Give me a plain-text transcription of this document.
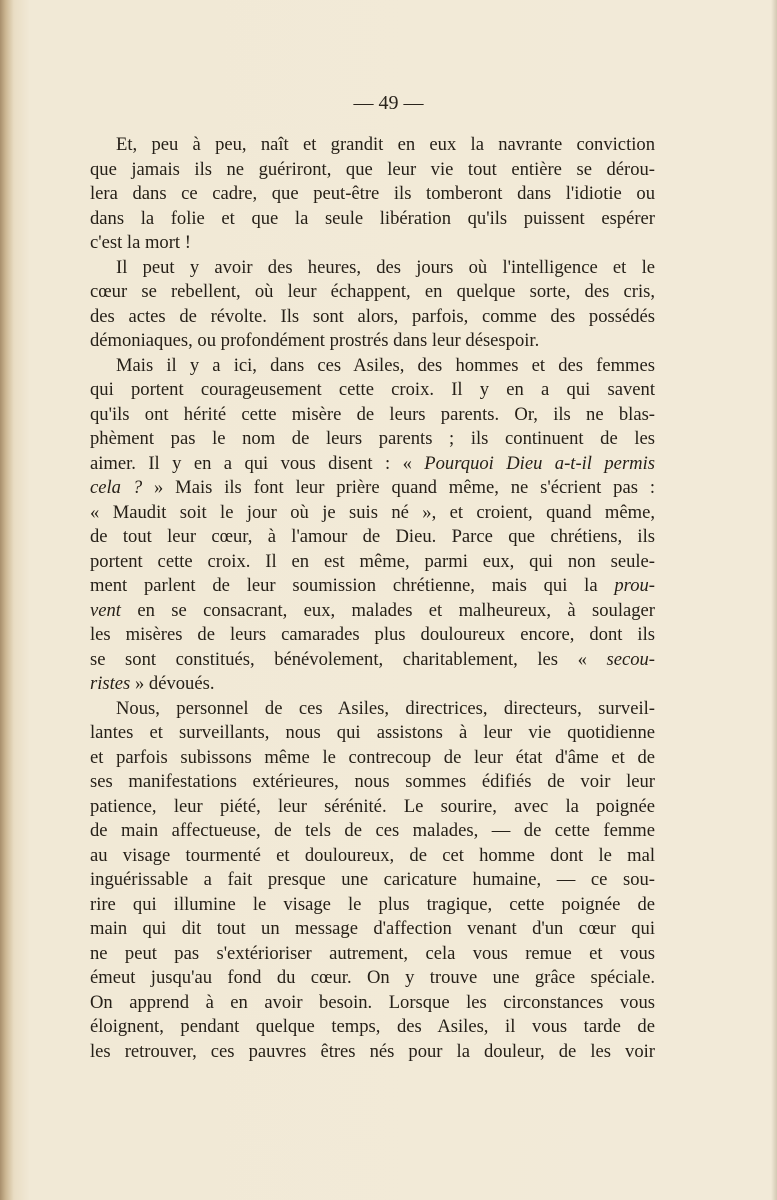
— 49 —
Et, peu à peu, naît et grandit en eux la navrante conviction
que jamais ils ne guériront, que leur vie tout entière se dérou-
lera dans ce cadre, que peut-être ils tomberont dans l'idiotie ou
dans la folie et que la seule libération qu'ils puissent espérer
c'est la mort !
Il peut y avoir des heures, des jours où l'intelligence et le
cœur se rebellent, où leur échappent, en quelque sorte, des cris,
des actes de révolte. Ils sont alors, parfois, comme des possédés
démoniaques, ou profondément prostrés dans leur désespoir.
Mais il y a ici, dans ces Asiles, des hommes et des femmes
qui portent courageusement cette croix. Il y en a qui savent
qu'ils ont hérité cette misère de leurs parents. Or, ils ne blas-
phèment pas le nom de leurs parents ; ils continuent de les
aimer. Il y en a qui vous disent : « Pourquoi Dieu a-t-il permis
cela ? » Mais ils font leur prière quand même, ne s'écrient pas :
« Maudit soit le jour où je suis né », et croient, quand même,
de tout leur cœur, à l'amour de Dieu. Parce que chrétiens, ils
portent cette croix. Il en est même, parmi eux, qui non seule-
ment parlent de leur soumission chrétienne, mais qui la prou-
vent en se consacrant, eux, malades et malheureux, à soulager
les misères de leurs camarades plus douloureux encore, dont ils
se sont constitués, bénévolement, charitablement, les « secou-
ristes » dévoués.
Nous, personnel de ces Asiles, directrices, directeurs, surveil-
lantes et surveillants, nous qui assistons à leur vie quotidienne
et parfois subissons même le contrecoup de leur état d'âme et de
ses manifestations extérieures, nous sommes édifiés de voir leur
patience, leur piété, leur sérénité. Le sourire, avec la poignée
de main affectueuse, de tels de ces malades, — de cette femme
au visage tourmenté et douloureux, de cet homme dont le mal
inguérissable a fait presque une caricature humaine, — ce sou-
rire qui illumine le visage le plus tragique, cette poignée de
main qui dit tout un message d'affection venant d'un cœur qui
ne peut pas s'extérioriser autrement, cela vous remue et vous
émeut jusqu'au fond du cœur. On y trouve une grâce spéciale.
On apprend à en avoir besoin. Lorsque les circonstances vous
éloignent, pendant quelque temps, des Asiles, il vous tarde de
les retrouver, ces pauvres êtres nés pour la douleur, de les voir
